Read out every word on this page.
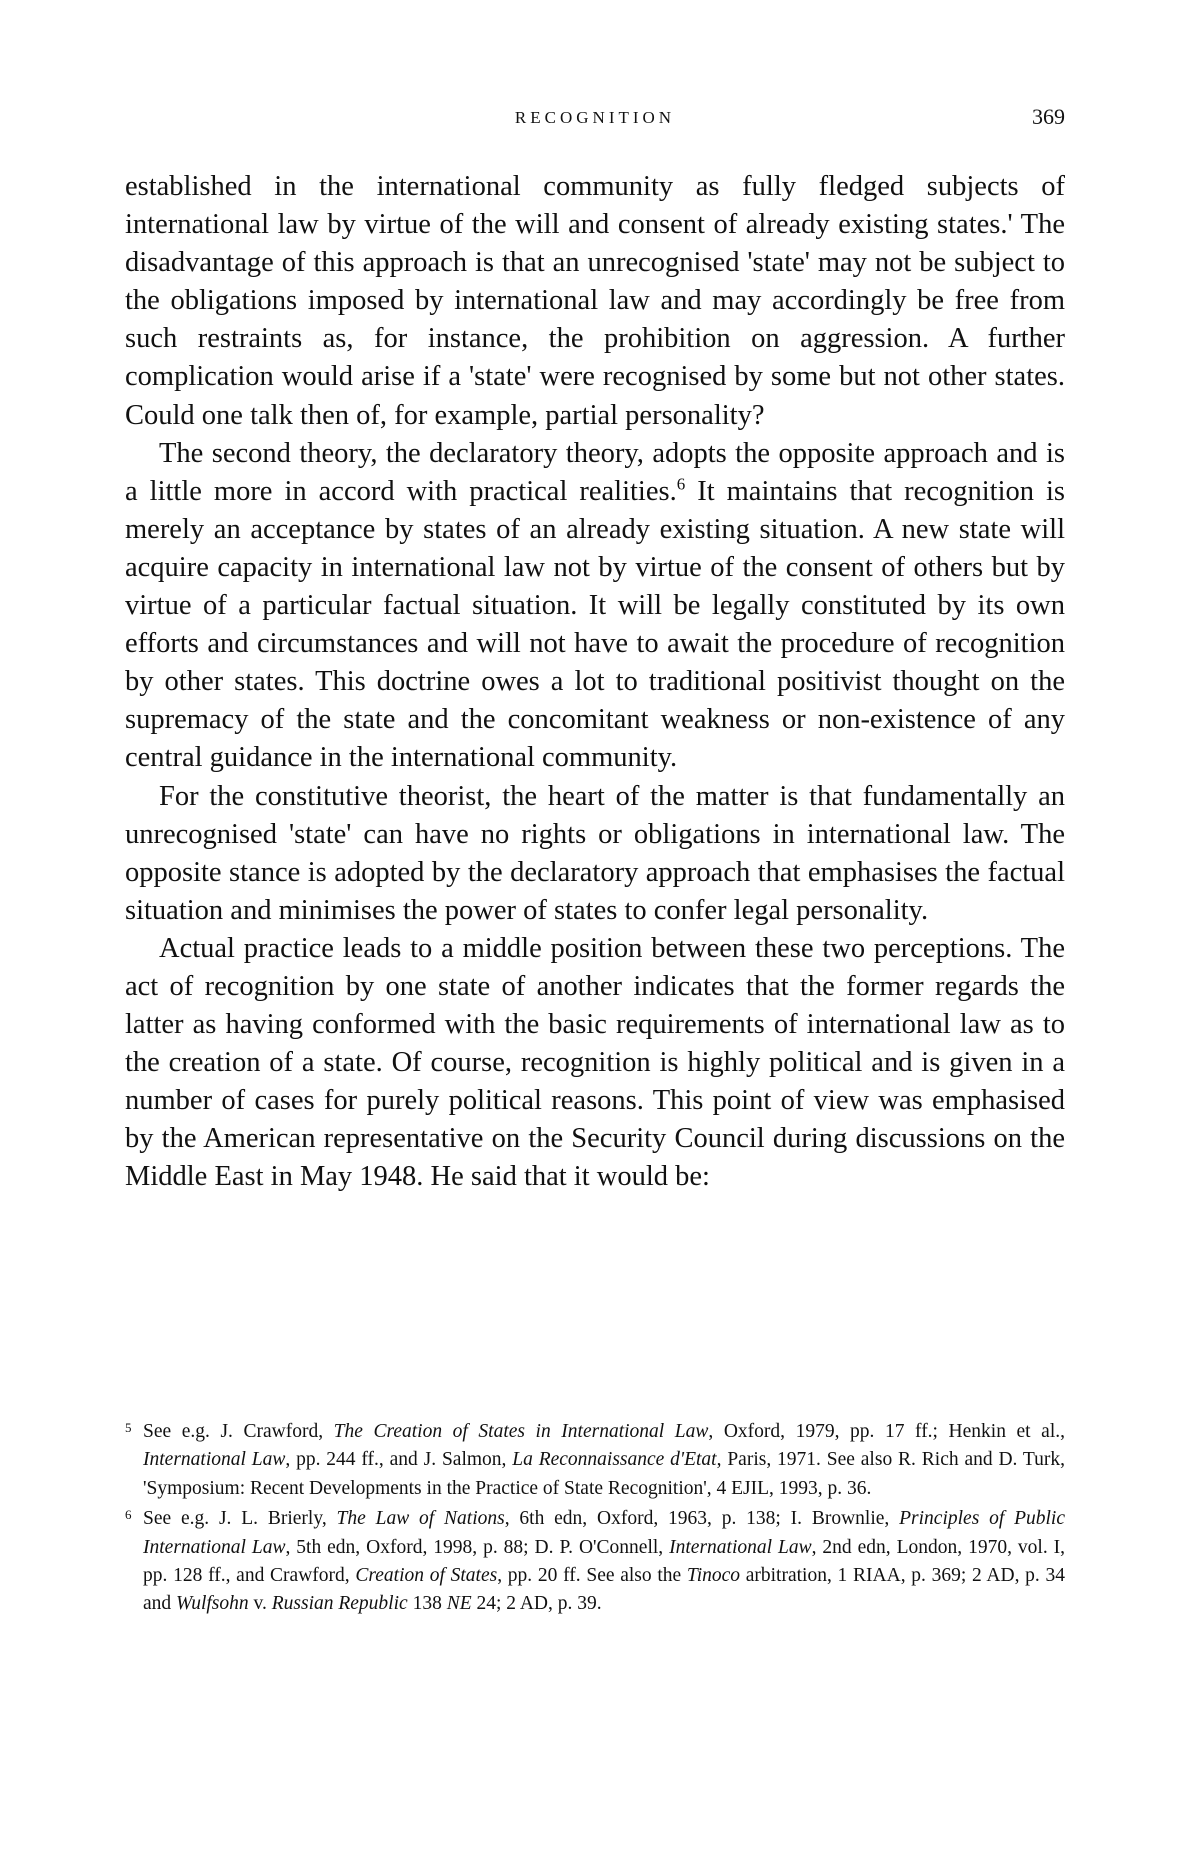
RECOGNITION	369

established in the international community as fully fledged subjects of international law by virtue of the will and consent of already existing states.' The disadvantage of this approach is that an unrecognised 'state' may not be subject to the obligations imposed by international law and may accordingly be free from such restraints as, for instance, the prohibition on aggression. A further complication would arise if a 'state' were recognised by some but not other states. Could one talk then of, for example, partial personality?

The second theory, the declaratory theory, adopts the opposite approach and is a little more in accord with practical realities.$^6$ It maintains that recognition is merely an acceptance by states of an already existing situation. A new state will acquire capacity in international law not by virtue of the consent of others but by virtue of a particular factual situation. It will be legally constituted by its own efforts and circumstances and will not have to await the procedure of recognition by other states. This doctrine owes a lot to traditional positivist thought on the supremacy of the state and the concomitant weakness or non-existence of any central guidance in the international community.

For the constitutive theorist, the heart of the matter is that fundamentally an unrecognised 'state' can have no rights or obligations in international law. The opposite stance is adopted by the declaratory approach that emphasises the factual situation and minimises the power of states to confer legal personality.

Actual practice leads to a middle position between these two perceptions. The act of recognition by one state of another indicates that the former regards the latter as having conformed with the basic requirements of international law as to the creation of a state. Of course, recognition is highly political and is given in a number of cases for purely political reasons. This point of view was emphasised by the American representative on the Security Council during discussions on the Middle East in May 1948. He said that it would be:

5 See e.g. J. Crawford, The Creation of States in International Law, Oxford, 1979, pp. 17 ff.; Henkin et al., International Law, pp. 244 ff., and J. Salmon, La Reconnaissance d'Etat, Paris, 1971. See also R. Rich and D. Turk, 'Symposium: Recent Developments in the Practice of State Recognition', 4 EJIL, 1993, p. 36.
6 See e.g. J. L. Brierly, The Law of Nations, 6th edn, Oxford, 1963, p. 138; I. Brownlie, Principles of Public International Law, 5th edn, Oxford, 1998, p. 88; D. P. O'Connell, International Law, 2nd edn, London, 1970, vol. I, pp. 128 ff., and Crawford, Creation of States, pp. 20 ff. See also the Tinoco arbitration, 1 RIAA, p. 369; 2 AD, p. 34 and Wulfsohn v. Russian Republic 138 NE 24; 2 AD, p. 39.
